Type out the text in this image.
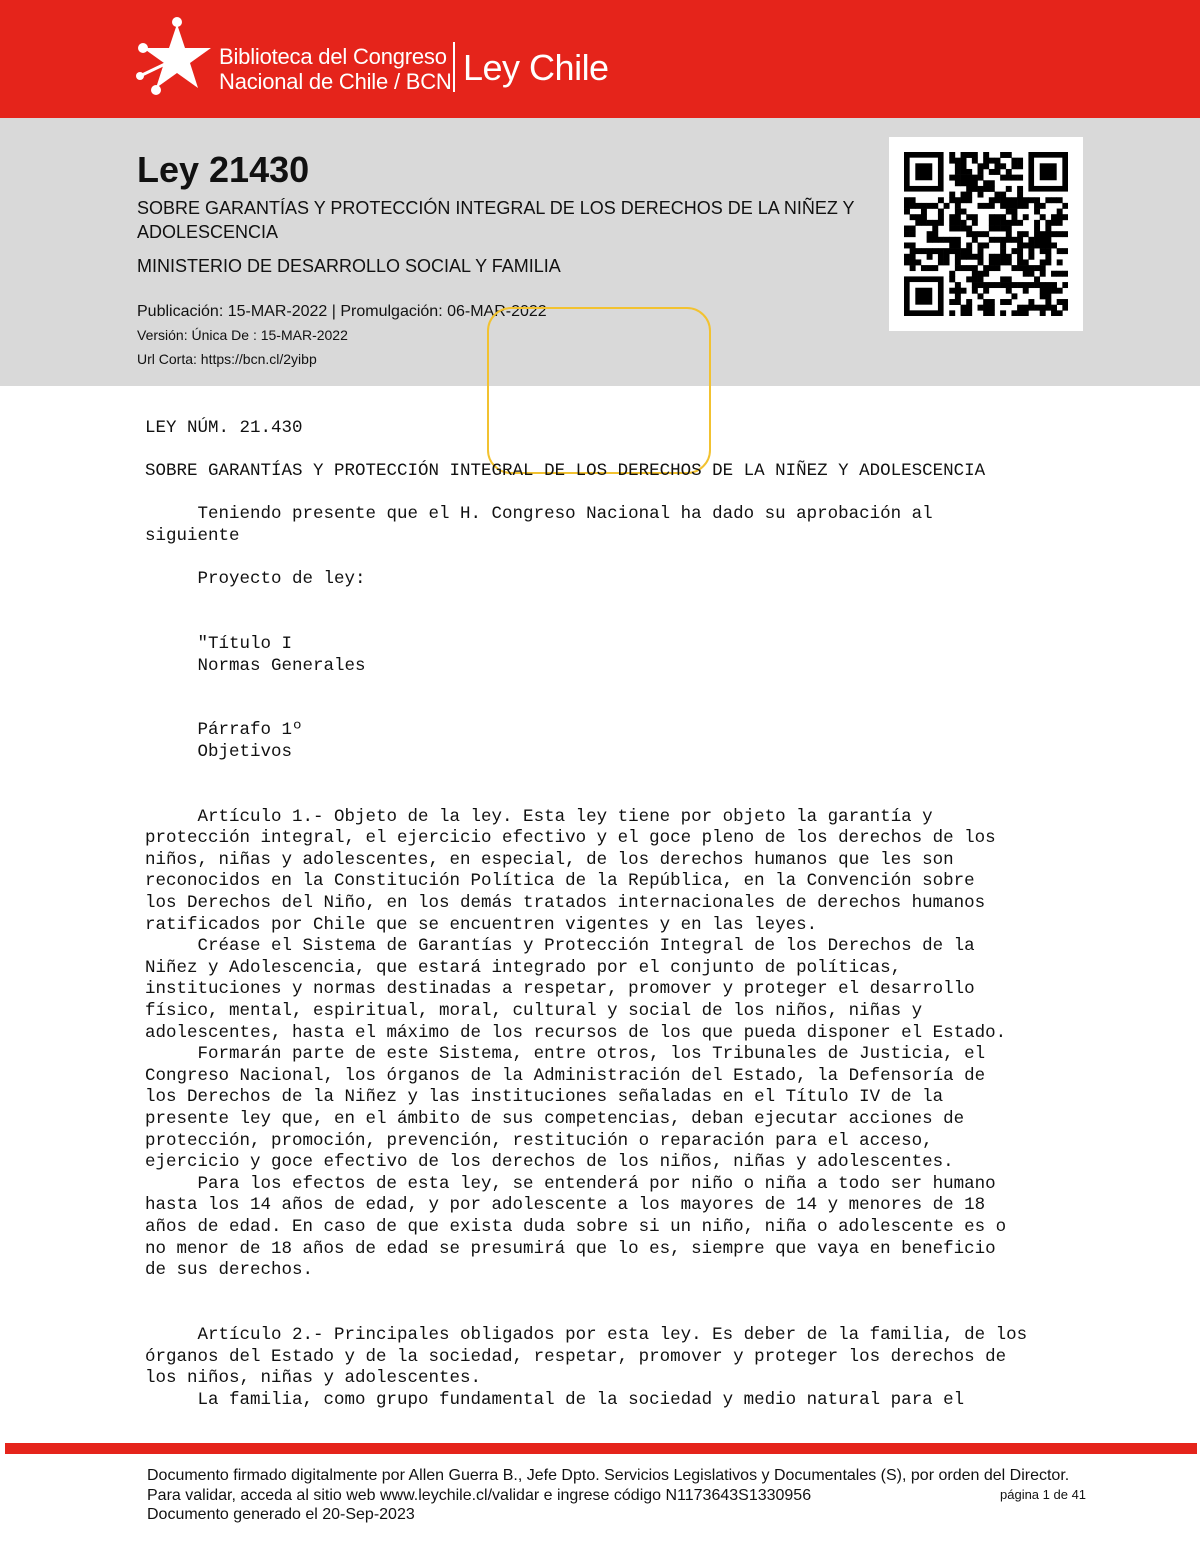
Biblioteca del Congreso
Nacional de Chile / BCN Ley Chile
Ley 21430
SOBRE GARANTÍAS Y PROTECCIÓN INTEGRAL DE LOS DERECHOS DE LA NIÑEZ Y ADOLESCENCIA
MINISTERIO DE DESARROLLO SOCIAL Y FAMILIA
Publicación: 15-MAR-2022 | Promulgación: 06-MAR-2022
Versión: Única De : 15-MAR-2022
Url Corta: https://bcn.cl/2yibp
LEY NÚM. 21.430

SOBRE GARANTÍAS Y PROTECCIÓN INTEGRAL DE LOS DERECHOS DE LA NIÑEZ Y ADOLESCENCIA

Teniendo presente que el H. Congreso Nacional ha dado su aprobación al
siguiente

Proyecto de ley:

"Título I
Normas Generales

Párrafo 1º
Objetivos

Artículo 1.- Objeto de la ley. Esta ley tiene por objeto la garantía y
protección integral, el ejercicio efectivo y el goce pleno de los derechos de los
niños, niñas y adolescentes, en especial, de los derechos humanos que les son
reconocidos en la Constitución Política de la República, en la Convención sobre
los Derechos del Niño, en los demás tratados internacionales de derechos humanos
ratificados por Chile que se encuentren vigentes y en las leyes.
Créase el Sistema de Garantías y Protección Integral de los Derechos de la
Niñez y Adolescencia, que estará integrado por el conjunto de políticas,
instituciones y normas destinadas a respetar, promover y proteger el desarrollo
físico, mental, espiritual, moral, cultural y social de los niños, niñas y
adolescentes, hasta el máximo de los recursos de los que pueda disponer el Estado.
Formarán parte de este Sistema, entre otros, los Tribunales de Justicia, el
Congreso Nacional, los órganos de la Administración del Estado, la Defensoría de
los Derechos de la Niñez y las instituciones señaladas en el Título IV de la
presente ley que, en el ámbito de sus competencias, deban ejecutar acciones de
protección, promoción, prevención, restitución o reparación para el acceso,
ejercicio y goce efectivo de los derechos de los niños, niñas y adolescentes.
Para los efectos de esta ley, se entenderá por niño o niña a todo ser humano
hasta los 14 años de edad, y por adolescente a los mayores de 14 y menores de 18
años de edad. En caso de que exista duda sobre si un niño, niña o adolescente es o
no menor de 18 años de edad se presumirá que lo es, siempre que vaya en beneficio
de sus derechos.

Artículo 2.- Principales obligados por esta ley. Es deber de la familia, de los
órganos del Estado y de la sociedad, respetar, promover y proteger los derechos de
los niños, niñas y adolescentes.
La familia, como grupo fundamental de la sociedad y medio natural para el
Documento firmado digitalmente por Allen Guerra B., Jefe Dpto. Servicios Legislativos y Documentales (S), por orden del Director.
Para validar, acceda al sitio web www.leychile.cl/validar e ingrese código N1173643S1330956
Documento generado el 20-Sep-2023
página 1 de 41
